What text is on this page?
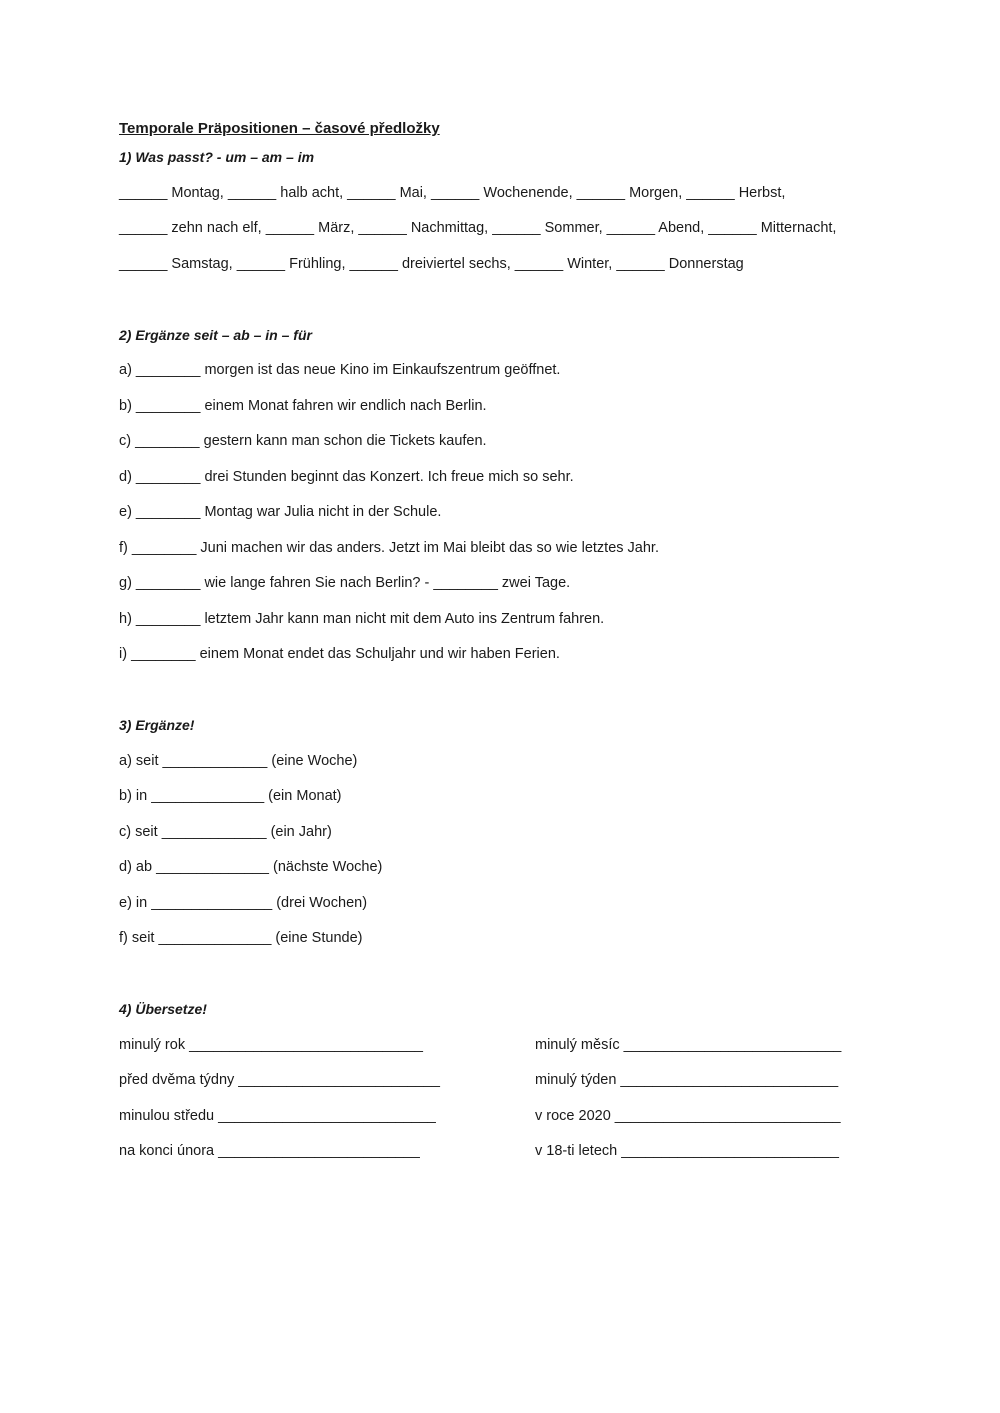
Temporale Präpositionen – časové předložky

1) Was passt? - um – am – im

______ Montag, ______ halb acht, ______ Mai, ______ Wochenende, ______ Morgen, ______ Herbst,

______ zehn nach elf, ______ März, ______ Nachmittag, ______ Sommer, ______ Abend, ______ Mitternacht,

______ Samstag, ______ Frühling, ______ dreiviertel sechs, ______ Winter, ______ Donnerstag

2) Ergänze seit – ab – in – für

a) ________ morgen ist das neue Kino im Einkaufszentrum geöffnet.

b) ________ einem Monat fahren wir endlich nach Berlin.

c) ________ gestern kann man schon die Tickets kaufen.

d) ________ drei Stunden beginnt das Konzert. Ich freue mich so sehr.

e) ________ Montag war Julia nicht in der Schule.

f) ________ Juni machen wir das anders. Jetzt im Mai bleibt das so wie letztes Jahr.

g) ________ wie lange fahren Sie nach Berlin? - ________ zwei Tage.

h) ________ letztem Jahr kann man nicht mit dem Auto ins Zentrum fahren.

i) ________ einem Monat endet das Schuljahr und wir haben Ferien.

3) Ergänze!

a) seit _____________ (eine Woche)

b) in ______________ (ein Monat)

c) seit _____________ (ein Jahr)

d) ab ______________ (nächste Woche)

e) in _______________ (drei Wochen)

f) seit ______________ (eine Stunde)

4) Übersetze!

minulý rok _____________________________

před dvěma týdny _________________________

minulou středu ___________________________

na konci února _________________________

minulý měsíc ___________________________

minulý týden ___________________________

v roce 2020 ____________________________

v 18-ti letech ___________________________
